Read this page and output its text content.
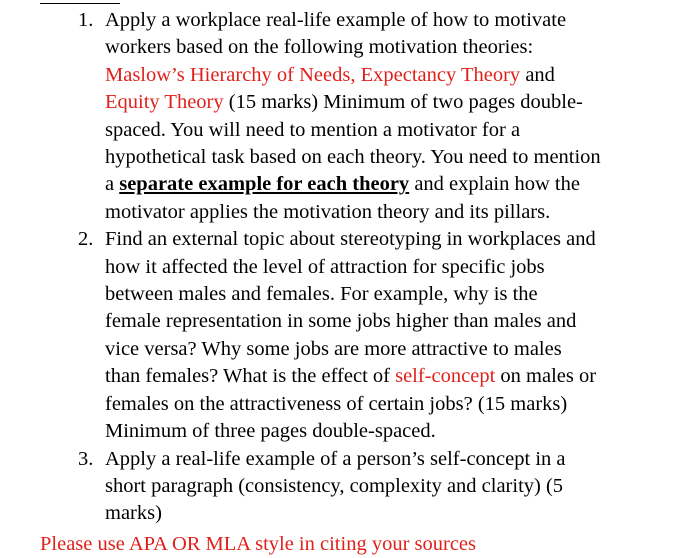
1. Apply a workplace real-life example of how to motivate
workers based on the following motivation theories:
Maslow’s Hierarchy of Needs, Expectancy Theory and
Equity Theory (15 marks) Minimum of two pages double-
spaced. You will need to mention a motivator for a
hypothetical task based on each theory. You need to mention
a separate example for each theory and explain how the
motivator applies the motivation theory and its pillars.
2. Find an external topic about stereotyping in workplaces and
how it affected the level of attraction for specific jobs
between males and females. For example, why is the
female representation in some jobs higher than males and
vice versa? Why some jobs are more attractive to males
than females? What is the effect of self-concept on males or
females on the attractiveness of certain jobs? (15 marks)
Minimum of three pages double-spaced.
3. Apply a real-life example of a person’s self-concept in a
short paragraph (consistency, complexity and clarity) (5
marks)
Please use APA OR MLA style in citing your sources
